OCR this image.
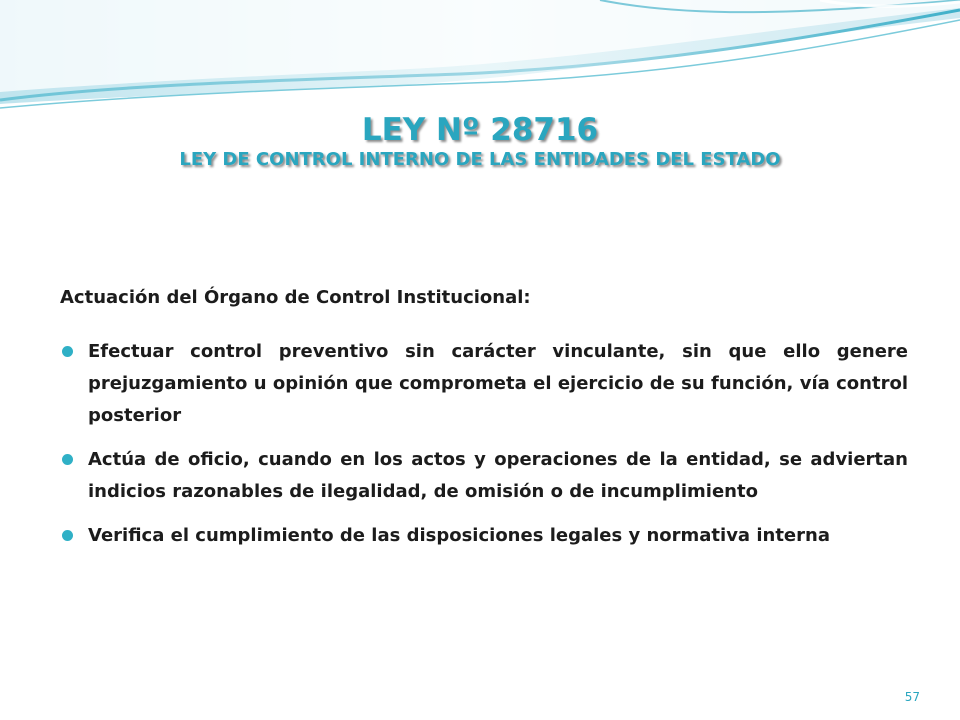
LEY Nº 28716
LEY DE CONTROL INTERNO DE LAS ENTIDADES DEL ESTADO

Actuación del Órgano de Control Institucional:

Efectuar control preventivo sin carácter vinculante, sin que ello genere prejuzgamiento u opinión que comprometa el ejercicio de su función, vía control posterior
Actúa de oficio, cuando en los actos y operaciones de la entidad, se adviertan indicios razonables de ilegalidad, de omisión o de incumplimiento
Verifica el cumplimiento de las disposiciones legales y normativa interna
57
